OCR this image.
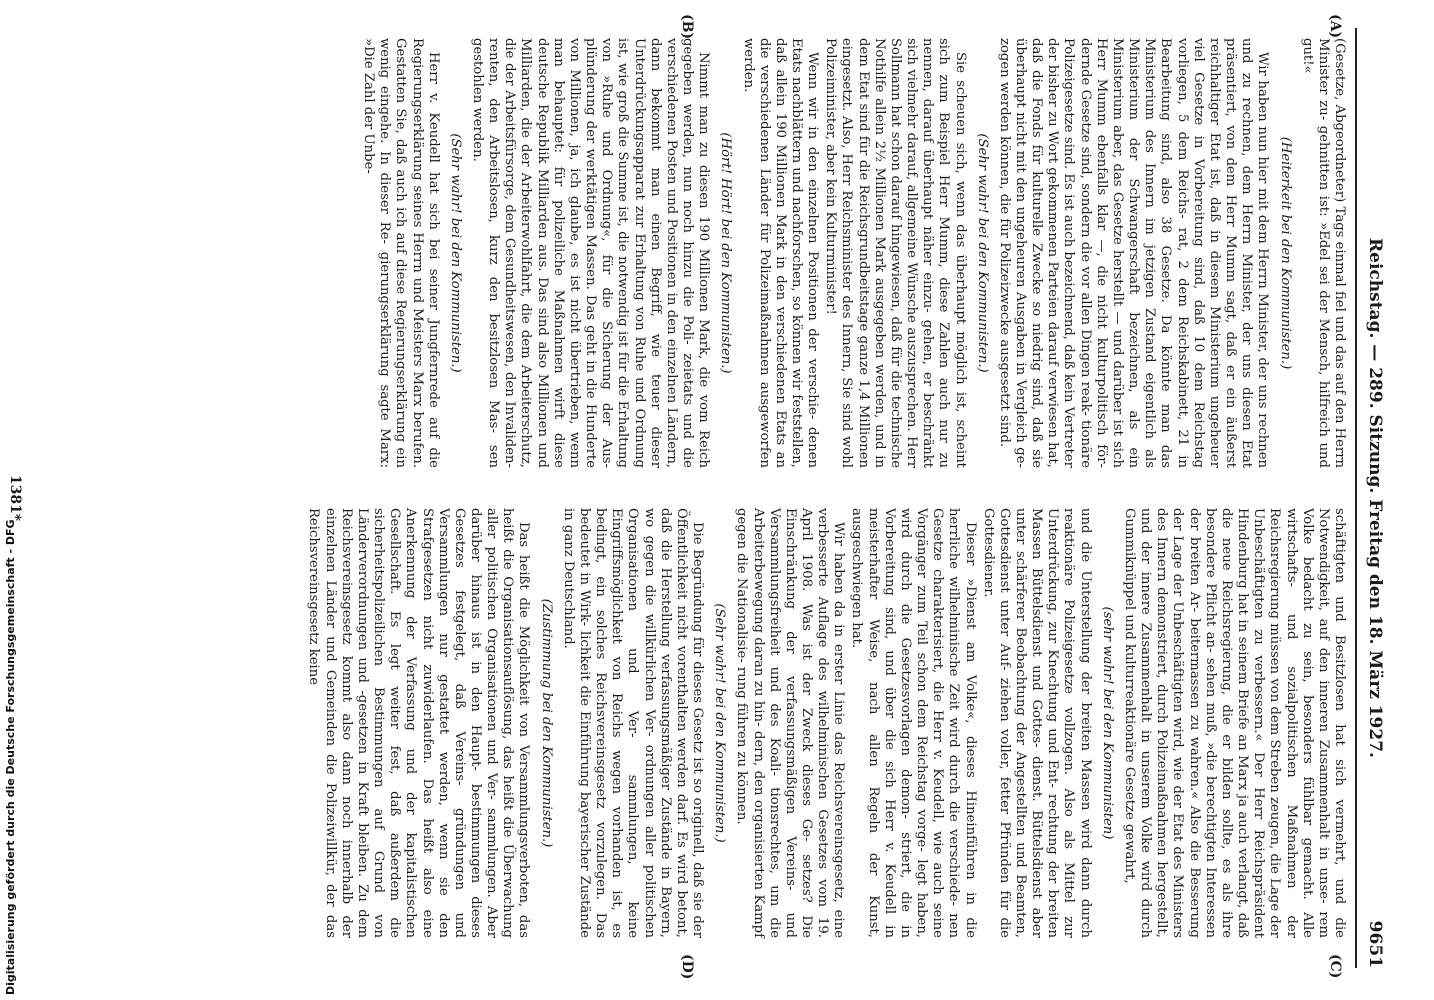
Digitalisierung gefördert durch die Deutsche Forschungsgemeinschaft - DFG	Reichstag. — 289. Sitzung. Freitag den 18. März 1927.
9651
(A)
(B)
(C)
(D)

(Gesetze, Abgeordneter) Tags einmal fiel und das auf den Herrn Minister zu- gehnitten ist: »Edel sei der Mensch, hilfreich und gut!«

(Heiterkeit bei den Kommunisten.)

Wir haben nun hier mit dem Herrn Minister, der uns rechnen und zu rechnen, dem Herrn Minister, der uns diesen Etat präsentiert, von dem Herr Mumm sagt, daß er ein äußerst reichhaltiger Etat ist, daß in diesem Ministerium ungeheuer viel Gesetze in Vorbereitung sind, daß 10 dem Reichstag vorliegen, 5 dem Reichs- rat, 2 dem Reichskabinett, 21 in Bearbeitung sind, also 38 Gesetze. Da könnte man das Ministerium des Innern im jetzigen Zustand eigentlich als Ministerium der Schwangerschaft bezeichnen, als ein Ministerium aber, das Gesetze herstellt — und darüber ist sich Herr Mumm ebenfalls klar —, die nicht kulturpolitisch för- dernde Gesetze sind, sondern die vor allen Dingen reak- tionäre Polizeigesetze sind. Es ist auch bezeichnend, daß kein Vertreter der bisher zu Wort gekommenen Parteien darauf verwiesen hat, daß die Fonds für kulturelle Zwecke so niedrig sind, daß sie überhaupt nicht mit den ungeheuren Ausgaben in Vergleich ge- zogen werden können, die für Polizeizwecke ausgesetzt sind.

(Sehr wahr! bei den Kommunisten.)

Sie scheuen sich, wenn das überhaupt möglich ist, scheint sich zum Beispiel Herr Mumm, diese Zahlen auch nur zu nennen, darauf überhaupt näher einzu- gehen, er beschränkt sich vielmehr darauf, allgemeine Wünsche auszusprechen. Herr Sollmann hat schon darauf hingewiesen, daß für die technische Nothilfe allein 2½ Millionen Mark ausgegeben werden, und in dem Etat sind für die Reichsgrundbeitstage ganze 1,4 Millionen eingesetzt. Also, Herr Reichsminister des Innern, Sie sind wohl Polizeiminister, aber kein Kulturminister!

Wenn wir in den einzelnen Positionen der verschie- denen Etats nachblättern und nachforschen, so können wir feststellen, daß allein 190 Millionen Mark in den verschiedenen Etats an die verschiedenen Länder für Polizeimaßnahmen ausgeworfen werden.

(Hört! Hört! bei den Kommunisten.)

Nimmt man zu diesen 190 Millionen Mark, die vom Reich gegeben werden, nun noch hinzu die Poli- zeietats und die verschiedenen Posten und Positionen in den einzelnen Ländern, dann bekommt man einen Begriff, wie teuer dieser Unterdrückungsapparat zur Erhaltung von Ruhe und Ordnung ist, wie groß die Summe ist, die notwendig ist für die Erhaltung von »Ruhe und Ordnung«, für die Sicherung der Aus- plünderung der werktätigen Massen. Das geht in die Hunderte von Millionen, ja, ich glaube, es ist nicht übertrieben, wenn man behauptet: für polizeiliche Maßnahmen wirft diese deutsche Republik Milliarden aus. Das sind also Millionen und Milliarden, die der Arbeiterwohlfahrt, die dem Arbeiterschutz, die der Arbeitsfürsorge, dem Gesundheitswesen, den Invaliden- renten, den Arbeitslosen, kurz den besitzlosen Mas- sen gestohlen werden.

(Sehr wahr! bei den Kommunisten.)

Herr v. Keudell hat sich bei seiner Jungfernrede auf die Regierungserklärung seines Herrn und Meisters Marx berufen. Gestatten Sie, daß auch ich auf diese Regierungserklärung ein wenig eingehe. In dieser Re- gierungserklärung sagte Marx: »Die Zahl der Unbe-

schäftigten und Besitzlosen hat sich vermehrt, und die Notwendigkeit, auf den inneren Zusammenhalt in unse- rem Volke bedacht zu sein, besonders fühlbar gemacht. Alle wirtschafts- und sozialpolitischen Maßnahmen der Reichsregierung müssen von dem Streben zeugen, die Lage der Unbeschäftigten zu verbessern.« Der Herr Reichspräsident Hindenburg hat in seinem Briefe an Marx ja auch verlangt, daß die neue Reichsregierung, die er bilden sollte, es als ihre besondere Pflicht an- sehen muß, »die berechtigten Interessen der breiten Ar- beitermassen zu wahren.« Also die Besserung der Lage der Unbeschäftigten wird, wie der Etat des Ministers des Innern demonstriert, durch Polizeimaßnahmen hergestellt, und der innere Zusammenhalt in unserem Volke wird durch Gummiknüppel und kulturreaktionäre Gesetze gewahrt,

(sehr wahr! bei den Kommunisten)

und die Unterstellung der breiten Massen wird dann durch reaktionäre Polizeigesetze vollzogen. Also als Mittel zur Unterdrückung, zur Knechtung und Ent- rechtung der breiten Massen Büttelsdienst und Gottes- dienst. Büttelsdienst aber unter schärferer Beobachtung der Angestellten und Beamten, Gottesdienst unter Auf- ziehen voller, fetter Pfründen für die Gottesdiener.

Dieser »Dienst am Volke«, dieses Hineinführen in die herrliche wilhelminische Zeit wird durch die verschiede- nen Gesetze charakterisiert, die Herr v. Keudell, wie auch seine Vorgänger zum Teil schon dem Reichstag vorge- legt haben, wird durch die Gesetzesvorlagen demon- striert, die in Vorbereitung sind, und über die sich Herr v. Keudell in meisterhafter Weise, nach allen Regeln der Kunst, ausgeschwiegen hat.

Wir haben da in erster Linie das Reichsvereinsgesetz, eine verbesserte Auflage des wilhelminischen Gesetzes vom 19. April 1908. Was ist der Zweck dieses Ge- setzes? Die Einschränkung der verfassungsmäßigen Vereins- und Versammlungsfreiheit und des Koali- tionsrechtes, um die Arbeiterbewegung daran zu hin- dern, den organisierten Kampf gegen die Nationalisie- rung führen zu können.

(Sehr wahr! bei den Kommunisten.)

Die Begründung für dieses Gesetz ist so originell, daß sie der Öffentlichkeit nicht vorenthalten werden darf. Es wird betont, daß die Herstellung verfassungsmäßiger Zustände in Bayern, wo gegen die willkürlichen Ver- ordnungen aller politischen Organisationen und Ver- sammlungen, keine Eingriffsmöglichkeit von Reichs wegen vorhanden ist, es bedingt, ein solches Reichsvereinsgesetz vorzulegen. Das bedeutet in Wirk- lichkeit die Einführung bayerischer Zustände in ganz Deutschland.

(Zustimmung bei den Kommunisten.)

Das heißt die Möglichkeit von Versammlungsverboten, das heißt die Organisationsauflösung, das heißt die Überwachung aller politischen Organisationen und Ver- sammlungen. Aber darüber hinaus ist in den Haupt- bestimmungen dieses Gesetzes festgelegt, daß Vereins- gründungen und Versammlungen nur gestattet werden, wenn sie den Strafgesetzen nicht zuwiderlaufen. Das heißt also eine Anerkennung der Verfassung und der kapitalistischen Gesellschaft. Es legt weiter fest, daß außerdem die sicherheitspolizeilichen Bestimmungen auf Grund von Länderverordnungen und -gesetzen in Kraft bleiben. Zu dem Reichsvereinsgesetz kommt also dann noch innerhalb der einzelnen Länder und Gemeinden die Polizeiwillkür, der das Reichsvereinsgesetz keine

1381*
